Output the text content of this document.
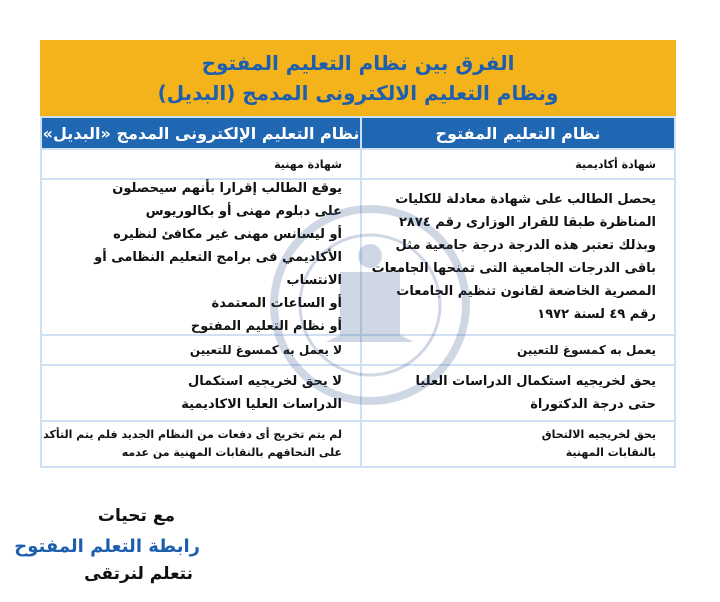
الفرق بين نظام التعليم المفتوح
ونظام التعليم الالكترونى المدمج (البديل)
نظام التعليم المفتوح
نظام التعليم الإلكترونى المدمج «البديل»
شهادة أكاديمية
شهادة مهنية
يحصل الطالب على شهادة معادلة للكليات
المناظرة طبقا للقرار الوزارى رقم ٢٨٧٤
وبذلك تعتبر هذه الدرجة درجة جامعية مثل
باقى الدرجات الجامعية التى تمنحها الجامعات
المصرية الخاضعة لقانون تنظيم الجامعات
رقم ٤٩ لسنة ١٩٧٢
يوقع الطالب إقرارا بأنهم سيحصلون
على دبلوم مهنى أو بكالوريوس
أو ليسانس مهنى غير مكافئ لنظيره
الأكاديمي فى برامج التعليم النظامى أو الانتساب
أو الساعات المعتمدة
أو نظام التعليم المفتوح
يعمل به كمسوغ للتعيين
لا يعمل به كمسوغ للتعيين
يحق لخريجيه استكمال الدراسات العليا
حتى درجة الدكتوراة
لا يحق لخريجيه استكمال
الدراسات العليا الاكاديمية
يحق لخريجيه الالتحاق
بالنقابات المهنية
لم يتم تخريج أى دفعات من النظام الجديد فلم يتم التأكد
على التحاقهم بالنقابات المهنية من عدمه
مع تحيات
رابطة التعلم المفتوح
نتعلم لنرتقى
